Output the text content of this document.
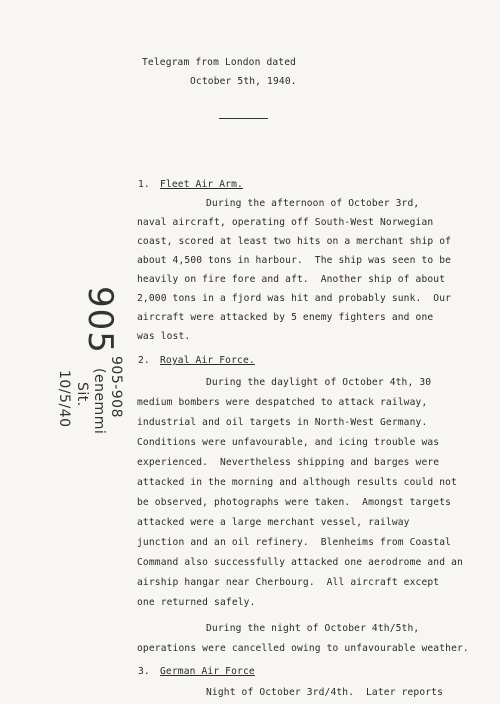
Telegram from London dated
October 5th, 1940.
1. Fleet Air Arm.
During the afternoon of October 3rd,
naval aircraft, operating off South-West Norwegian
coast, scored at least two hits on a merchant ship of
about 4,500 tons in harbour.  The ship was seen to be
heavily on fire fore and aft.  Another ship of about
2,000 tons in a fjord was hit and probably sunk.  Our
aircraft were attacked by 5 enemy fighters and one
was lost.
2. Royal Air Force.
During the daylight of October 4th, 30
medium bombers were despatched to attack railway,
industrial and oil targets in North-West Germany.
Conditions were unfavourable, and icing trouble was
experienced.  Nevertheless shipping and barges were
attacked in the morning and although results could not
be observed, photographs were taken.  Amongst targets
attacked were a large merchant vessel, railway
junction and an oil refinery.  Blenheims from Coastal
Command also successfully attacked one aerodrome and an
airship hangar near Cherbourg.  All aircraft except
one returned safely.
During the night of October 4th/5th,
operations were cancelled owing to unfavourable weather.
3. German Air Force
Night of October 3rd/4th.  Later reports
905
905-908
(enemmi
Sit.
10/5/40
